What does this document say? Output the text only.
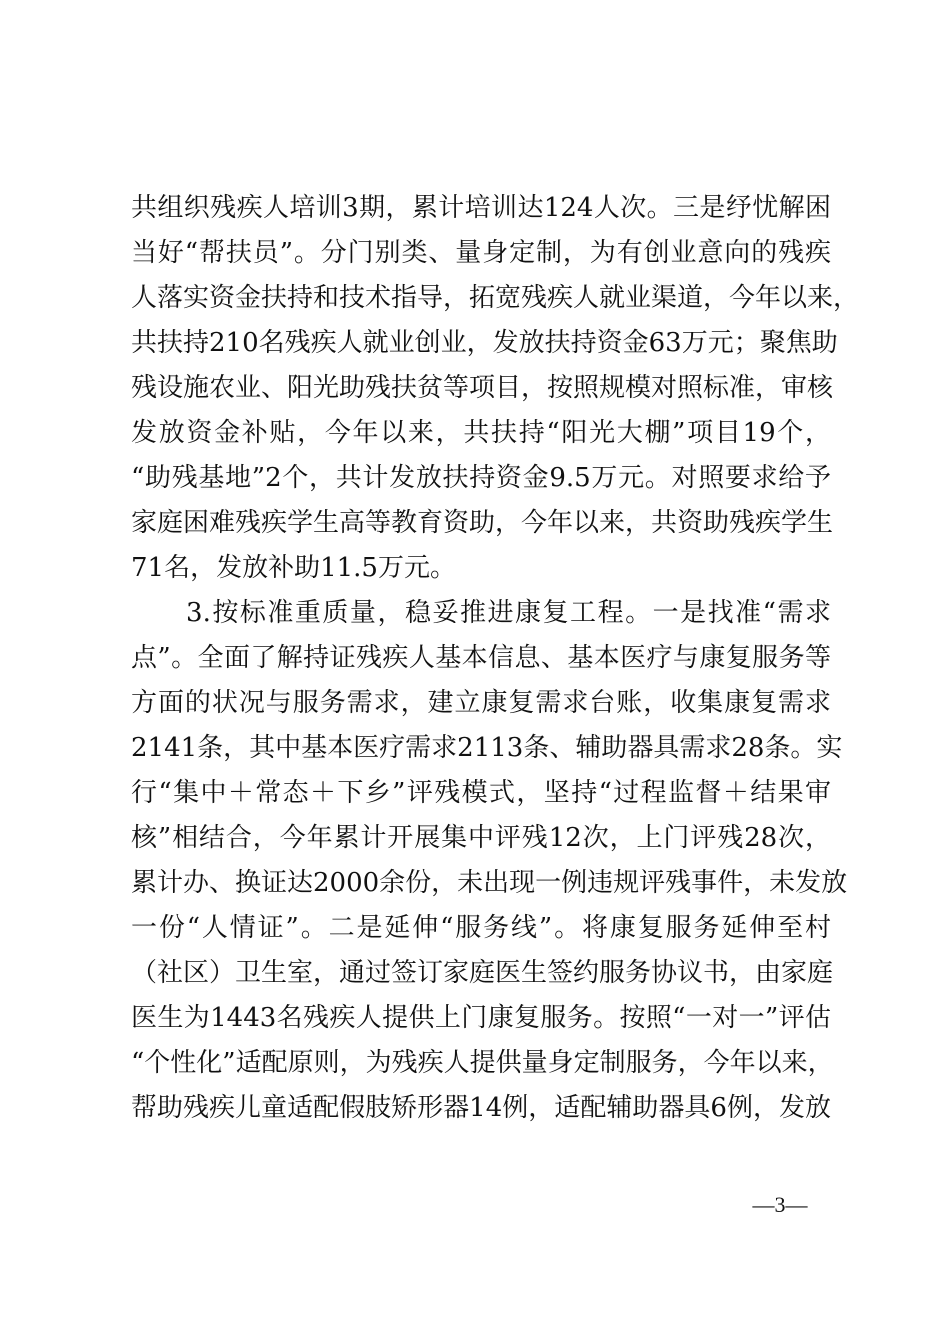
共组织残疾人培训3期，累计培训达124人次。三是纾忧解困
当好“帮扶员”。分门别类、量身定制，为有创业意向的残疾
人落实资金扶持和技术指导，拓宽残疾人就业渠道，今年以来，
共扶持210名残疾人就业创业，发放扶持资金63万元；聚焦助
残设施农业、阳光助残扶贫等项目，按照规模对照标准，审核
发放资金补贴，今年以来，共扶持“阳光大棚”项目19个，
“助残基地”2个，共计发放扶持资金9.5万元。对照要求给予
家庭困难残疾学生高等教育资助，今年以来，共资助残疾学生
71名，发放补助11.5万元。
　　3.按标准重质量，稳妥推进康复工程。一是找准“需求
点”。全面了解持证残疾人基本信息、基本医疗与康复服务等
方面的状况与服务需求，建立康复需求台账，收集康复需求
2141条，其中基本医疗需求2113条、辅助器具需求28条。实
行“集中＋常态＋下乡”评残模式，坚持“过程监督＋结果审
核”相结合，今年累计开展集中评残12次，上门评残28次，
累计办、换证达2000余份，未出现一例违规评残事件，未发放
一份“人情证”。二是延伸“服务线”。将康复服务延伸至村
（社区）卫生室，通过签订家庭医生签约服务协议书，由家庭
医生为1443名残疾人提供上门康复服务。按照“一对一”评估
“个性化”适配原则，为残疾人提供量身定制服务，今年以来，
帮助残疾儿童适配假肢矫形器14例，适配辅助器具6例，发放
—3—
